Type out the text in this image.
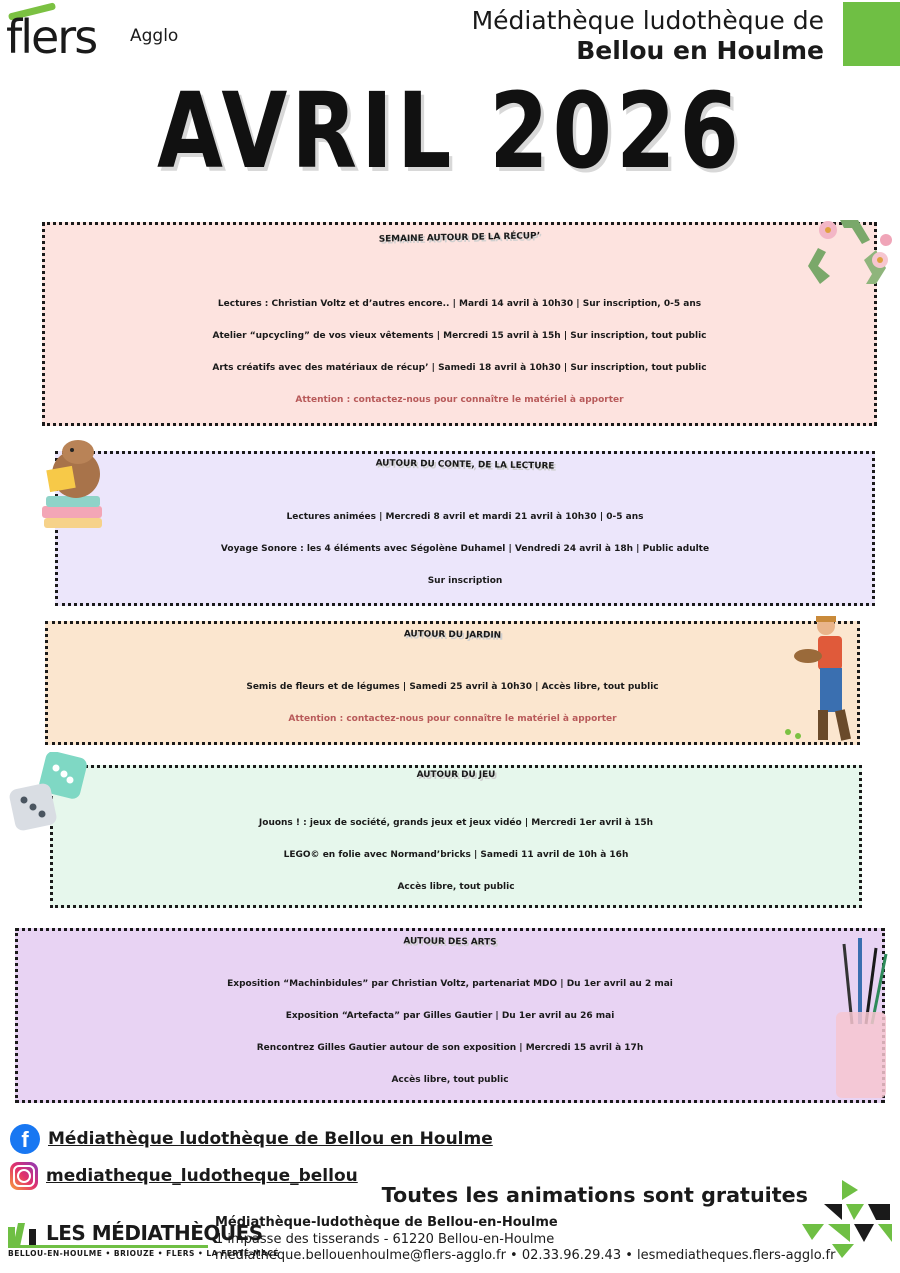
flers Agglo
Médiathèque ludothèque de
Bellou en Houlme
AVRIL 2026
SEMAINE AUTOUR DE LA RÉCUP’
Lectures : Christian Voltz et d’autres encore.. | Mardi 14 avril à 10h30 | Sur inscription, 0-5 ans
Atelier “upcycling” de vos vieux vêtements | Mercredi 15 avril à 15h | Sur inscription, tout public
Arts créatifs avec des matériaux de récup’ | Samedi 18 avril à 10h30 | Sur inscription, tout public
Attention : contactez-nous pour connaître le matériel à apporter
AUTOUR DU CONTE, DE LA LECTURE
Lectures animées | Mercredi 8 avril et mardi 21 avril à 10h30 | 0-5 ans
Voyage Sonore : les 4 éléments avec Ségolène Duhamel | Vendredi 24 avril à 18h | Public adulte
Sur inscription
AUTOUR DU JARDIN
Semis de fleurs et de légumes | Samedi 25 avril à 10h30 | Accès libre, tout public
Attention : contactez-nous pour connaître le matériel à apporter
AUTOUR DU JEU
Jouons ! : jeux de société, grands jeux et jeux vidéo | Mercredi 1er avril à 15h
LEGO© en folie avec Normand’bricks | Samedi 11 avril de 10h à 16h
Accès libre, tout public
AUTOUR DES ARTS
Exposition “Machinbidules” par Christian Voltz, partenariat MDO | Du 1er avril au 2 mai
Exposition “Artefacta” par Gilles Gautier | Du 1er avril au 26 mai
Rencontrez Gilles Gautier autour de son exposition | Mercredi 15 avril à 17h
Accès libre, tout public
f	Médiathèque ludothèque de Bellou en Houlme
mediatheque_ludotheque_bellou
Toutes les animations sont gratuites
LES MÉDIATHÈQUES
BELLOU-EN-HOULME • BRIOUZE • FLERS • LA FERTÉ-MACÉ
Médiathèque-ludothèque de Bellou-en-Houlme
1 impasse des tisserands - 61220 Bellou-en-Houlme
mediatheque.bellouenhoulme@flers-agglo.fr • 02.33.96.29.43 • lesmediatheques.flers-agglo.fr
